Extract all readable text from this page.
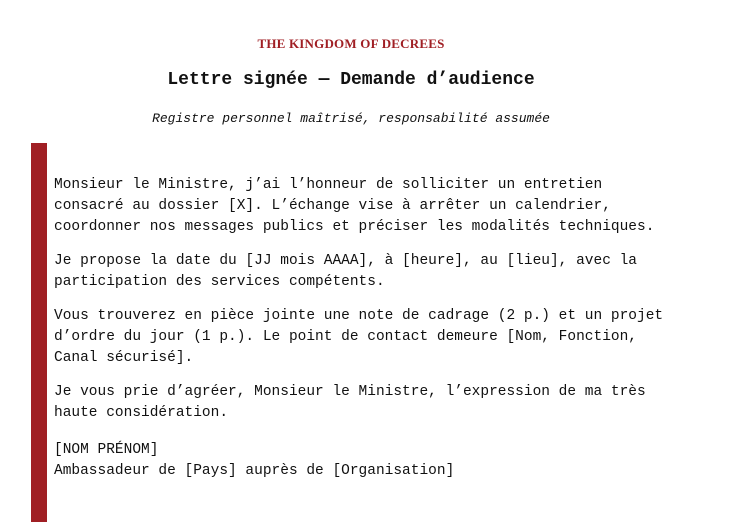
THE KINGDOM OF DECREES
Lettre signée — Demande d’audience
Registre personnel maîtrisé, responsabilité assumée

Monsieur le Ministre, j’ai l’honneur de solliciter un entretien consacré au dossier [X]. L’échange vise à arrêter un calendrier, coordonner nos messages publics et préciser les modalités techniques.

Je propose la date du [JJ mois AAAA], à [heure], au [lieu], avec la participation des services compétents.

Vous trouverez en pièce jointe une note de cadrage (2 p.) et un projet d’ordre du jour (1 p.). Le point de contact demeure [Nom, Fonction, Canal sécurisé].

Je vous prie d’agréer, Monsieur le Ministre, l’expression de ma très haute considération.

[NOM PRÉNOM]
Ambassadeur de [Pays] auprès de [Organisation]
